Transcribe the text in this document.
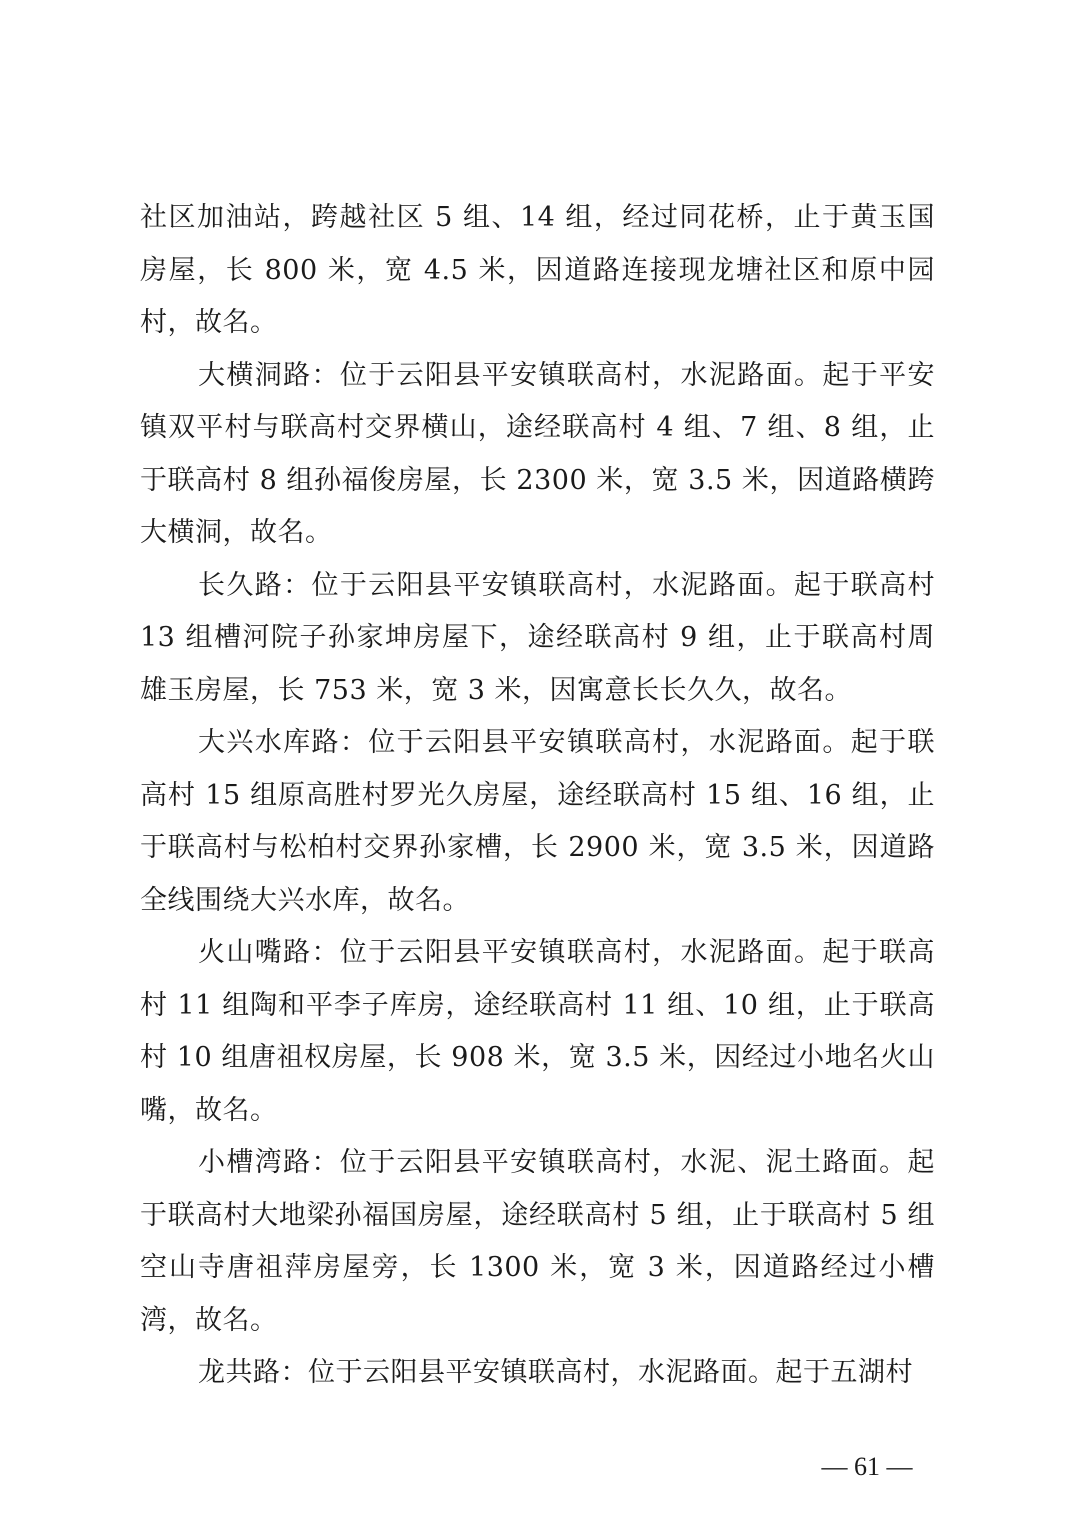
社区加油站，跨越社区 5 组、14 组，经过同花桥，止于黄玉国房屋，长 800 米，宽 4.5 米，因道路连接现龙塘社区和原中园村，故名。

大横洞路：位于云阳县平安镇联高村，水泥路面。起于平安镇双平村与联高村交界横山，途经联高村 4 组、7 组、8 组，止于联高村 8 组孙福俊房屋，长 2300 米，宽 3.5 米，因道路横跨大横洞，故名。

长久路：位于云阳县平安镇联高村，水泥路面。起于联高村 13 组槽河院子孙家坤房屋下，途经联高村 9 组，止于联高村周雄玉房屋，长 753 米，宽 3 米，因寓意长长久久，故名。

大兴水库路：位于云阳县平安镇联高村，水泥路面。起于联高村 15 组原高胜村罗光久房屋，途经联高村 15 组、16 组，止于联高村与松柏村交界孙家槽，长 2900 米，宽 3.5 米，因道路全线围绕大兴水库，故名。

火山嘴路：位于云阳县平安镇联高村，水泥路面。起于联高村 11 组陶和平李子库房，途经联高村 11 组、10 组，止于联高村 10 组唐祖权房屋，长 908 米，宽 3.5 米，因经过小地名火山嘴，故名。

小槽湾路：位于云阳县平安镇联高村，水泥、泥土路面。起于联高村大地梁孙福国房屋，途经联高村 5 组，止于联高村 5 组空山寺唐祖萍房屋旁，长 1300 米，宽 3 米，因道路经过小槽湾，故名。

龙共路：位于云阳县平安镇联高村，水泥路面。起于五湖村

— 61 —
